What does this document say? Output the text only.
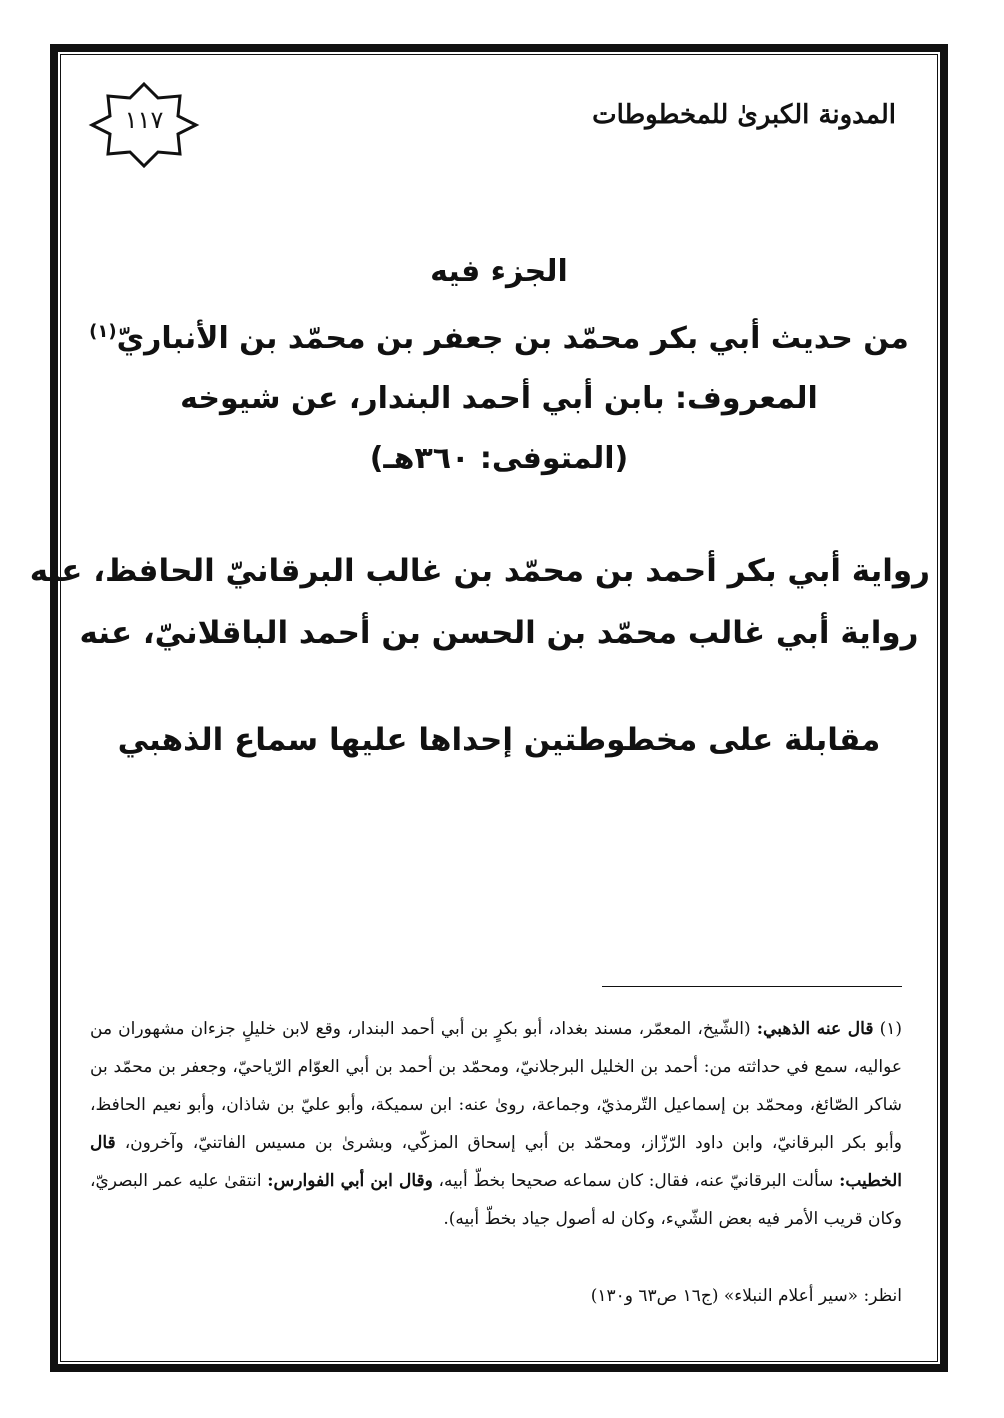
المدونة الكبرىٰ للمخطوطات
١١٧
الجزء فيه
من حديث أبي بكر محمّد بن جعفر بن محمّد بن الأنباريّ$^{(١)}$
المعروف: بابن أبي أحمد البندار، عن شيوخه
(المتوفى: ٣٦٠هـ)
رواية أبي بكر أحمد بن محمّد بن غالب البرقانيّ الحافظ، عنه
رواية أبي غالب محمّد بن الحسن بن أحمد الباقلانيّ، عنه
مقابلة على مخطوطتين إحداها عليها سماع الذهبي
(١) قال عنه الذهبي: (الشّيخ، المعمّر، مسند بغداد، أبو بكرٍ بن أبي أحمد البندار، وقع لابن خليلٍ جزءان مشهوران من عواليه، سمع في حداثته من: أحمد بن الخليل البرجلانيّ، ومحمّد بن أحمد بن أبي العوّام الرّياحيّ، وجعفر بن محمّد بن شاكر الصّائغ، ومحمّد بن إسماعيل التّرمذيّ، وجماعة، روىٰ عنه: ابن سميكة، وأبو عليّ بن شاذان، وأبو نعيم الحافظ، وأبو بكر البرقانيّ، وابن داود الرّزّاز، ومحمّد بن أبي إسحاق المزكّي، وبشرىٰ بن مسيس الفاتنيّ، وآخرون، قال الخطيب: سألت البرقانيّ عنه، فقال: كان سماعه صحيحا بخطّ أبيه، وقال ابن أبي الفوارس: انتقىٰ عليه عمر البصريّ، وكان قريب الأمر فيه بعض الشّيء، وكان له أصول جياد بخطّ أبيه).
انظر: «سير أعلام النبلاء» (ج١٦ ص٦٣ و١٣٠)
